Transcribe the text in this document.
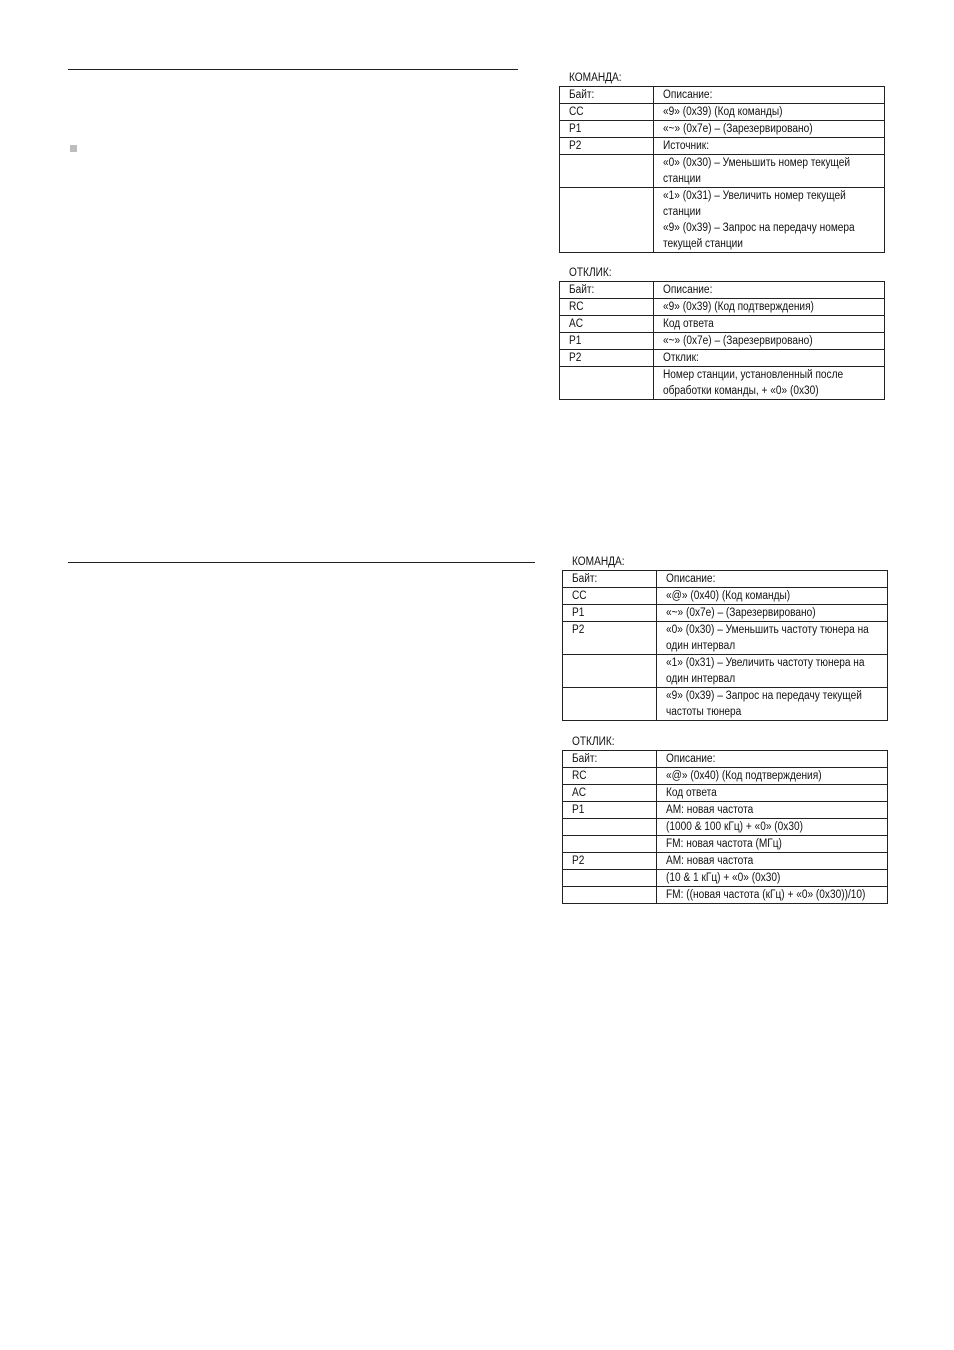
КОМАНДА:
Байт:	Описание:
CC	«9» (0x39) (Код команды)
P1	«~» (0x7e) – (Зарезервировано)
P2	Источник:
	«0» (0x30) – Уменьшить номер текущей
станции
	«1» (0x31) – Увеличить номер текущей
станции
«9» (0x39) – Запрос на передачу номера
текущей станции
ОТКЛИК:
Байт:	Описание:
RC	«9» (0x39) (Код подтверждения)
AC	Код ответа
P1	«~» (0x7e) – (Зарезервировано)
P2	Отклик:
	Номер станции, установленный после
обработки команды, + «0» (0x30)
КОМАНДА:
Байт:	Описание:
CC	«@» (0x40) (Код команды)
P1	«~» (0x7e) – (Зарезервировано)
P2	«0» (0x30) – Уменьшить частоту тюнера на
один интервал
	«1» (0x31) – Увеличить частоту тюнера на
один интервал
	«9» (0x39) – Запрос на передачу текущей
частоты тюнера
ОТКЛИК:
Байт:	Описание:
RC	«@» (0x40) (Код подтверждения)
AC	Код ответа
P1	AM: новая частота
	(1000 & 100 кГц) + «0» (0x30)
	FM: новая частота (МГц)
P2	AM: новая частота
	(10 & 1 кГц) + «0» (0x30)
	FM: ((новая частота (кГц) + «0» (0x30))/10)
